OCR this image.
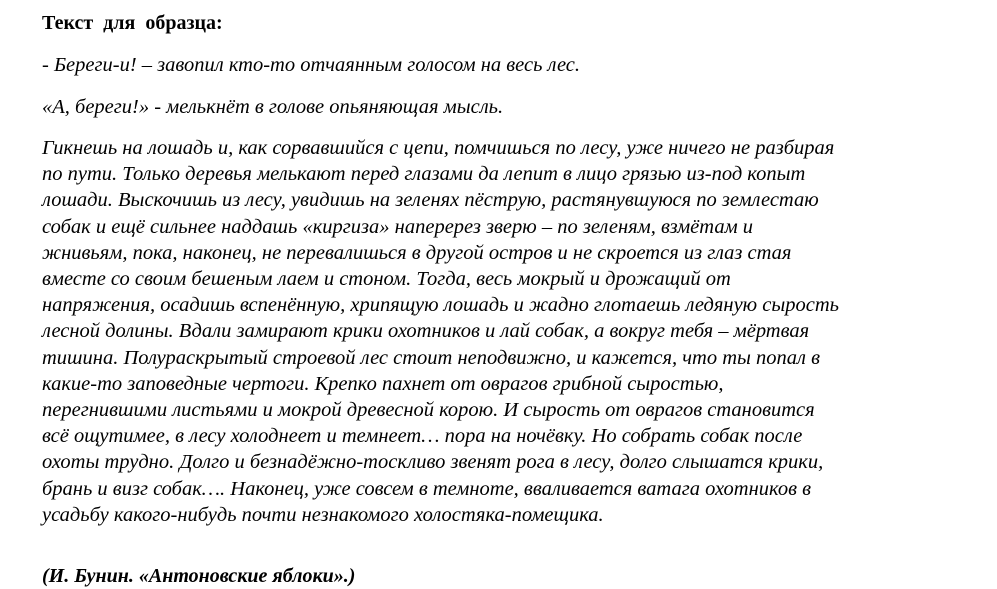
Текст  для  образца:
- Береги-и! – завопил кто-то отчаянным голосом на весь лес.
«А, береги!» - мелькнёт в голове опьяняющая мысль.
Гикнешь на лошадь и, как сорвавшийся с цепи, помчишься по лесу, уже ничего не разбирая
по пути. Только деревья мелькают перед глазами да лепит в лицо грязью из-под копыт
лошади. Выскочишь из лесу, увидишь на зеленях пёструю, растянувшуюся по землестаю
собак и ещё сильнее наддашь «киргиза» наперерез зверю – по зеленям, взмётам и
жнивьям, пока, наконец, не перевалишься в другой остров и не скроется из глаз стая
вместе со своим бешеным лаем и стоном. Тогда, весь мокрый и дрожащий от
напряжения, осадишь вспенённую, хрипящую лошадь и жадно глотаешь ледяную сырость
лесной долины. Вдали замирают крики охотников и лай собак, а вокруг тебя – мёртвая
тишина. Полураскрытый строевой лес стоит неподвижно, и кажется, что ты попал в
какие-то заповедные чертоги. Крепко пахнет от оврагов грибной сыростью,
перегнившими листьями и мокрой древесной корою. И сырость от оврагов становится
всё ощутимее, в лесу холоднеет и темнеет… пора на ночёвку. Но собрать собак после
охоты трудно. Долго и безнадёжно-тоскливо звенят рога в лесу, долго слышатся крики,
брань и визг собак…. Наконец, уже совсем в темноте, вваливается ватага охотников в
усадьбу какого-нибудь почти незнакомого холостяка-помещика.
(И. Бунин. «Антоновские яблоки».)
